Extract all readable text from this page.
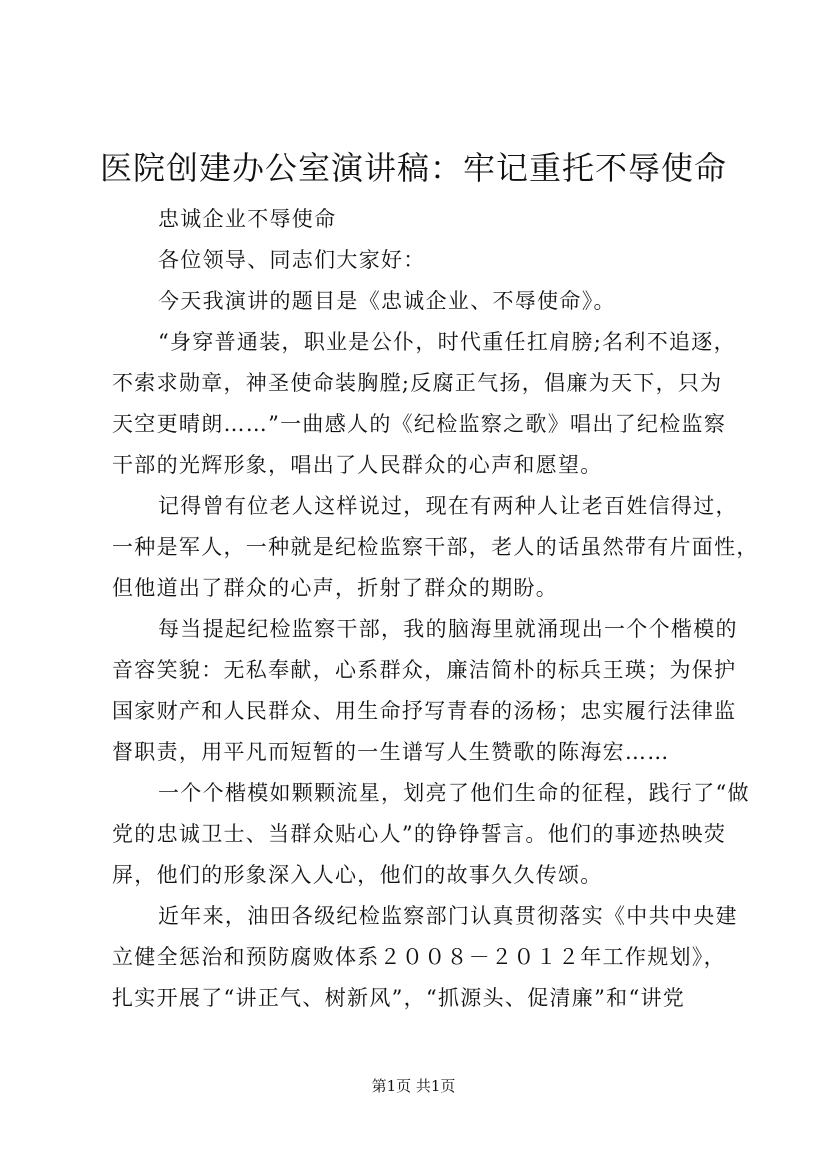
医院创建办公室演讲稿：牢记重托不辱使命
忠诚企业不辱使命
各位领导、同志们大家好：
今天我演讲的题目是《忠诚企业、不辱使命》。
“身穿普通装，职业是公仆，时代重任扛肩膀;名利不追逐，
不索求勋章，神圣使命装胸膛;反腐正气扬，倡廉为天下，只为
天空更晴朗……”一曲感人的《纪检监察之歌》唱出了纪检监察
干部的光辉形象，唱出了人民群众的心声和愿望。
记得曾有位老人这样说过，现在有两种人让老百姓信得过，
一种是军人，一种就是纪检监察干部，老人的话虽然带有片面性，
但他道出了群众的心声，折射了群众的期盼。
每当提起纪检监察干部，我的脑海里就涌现出一个个楷模的
音容笑貌：无私奉献，心系群众，廉洁简朴的标兵王瑛；为保护
国家财产和人民群众、用生命抒写青春的汤杨；忠实履行法律监
督职责，用平凡而短暂的一生谱写人生赞歌的陈海宏……
一个个楷模如颗颗流星，划亮了他们生命的征程，践行了“做
党的忠诚卫士、当群众贴心人”的铮铮誓言。他们的事迹热映荧
屏，他们的形象深入人心，他们的故事久久传颂。
近年来，油田各级纪检监察部门认真贯彻落实《中共中央建
立健全惩治和预防腐败体系２００８－２０１２年工作规划》，
扎实开展了“讲正气、树新风”，“抓源头、促清廉”和“讲党
第1页 共1页
